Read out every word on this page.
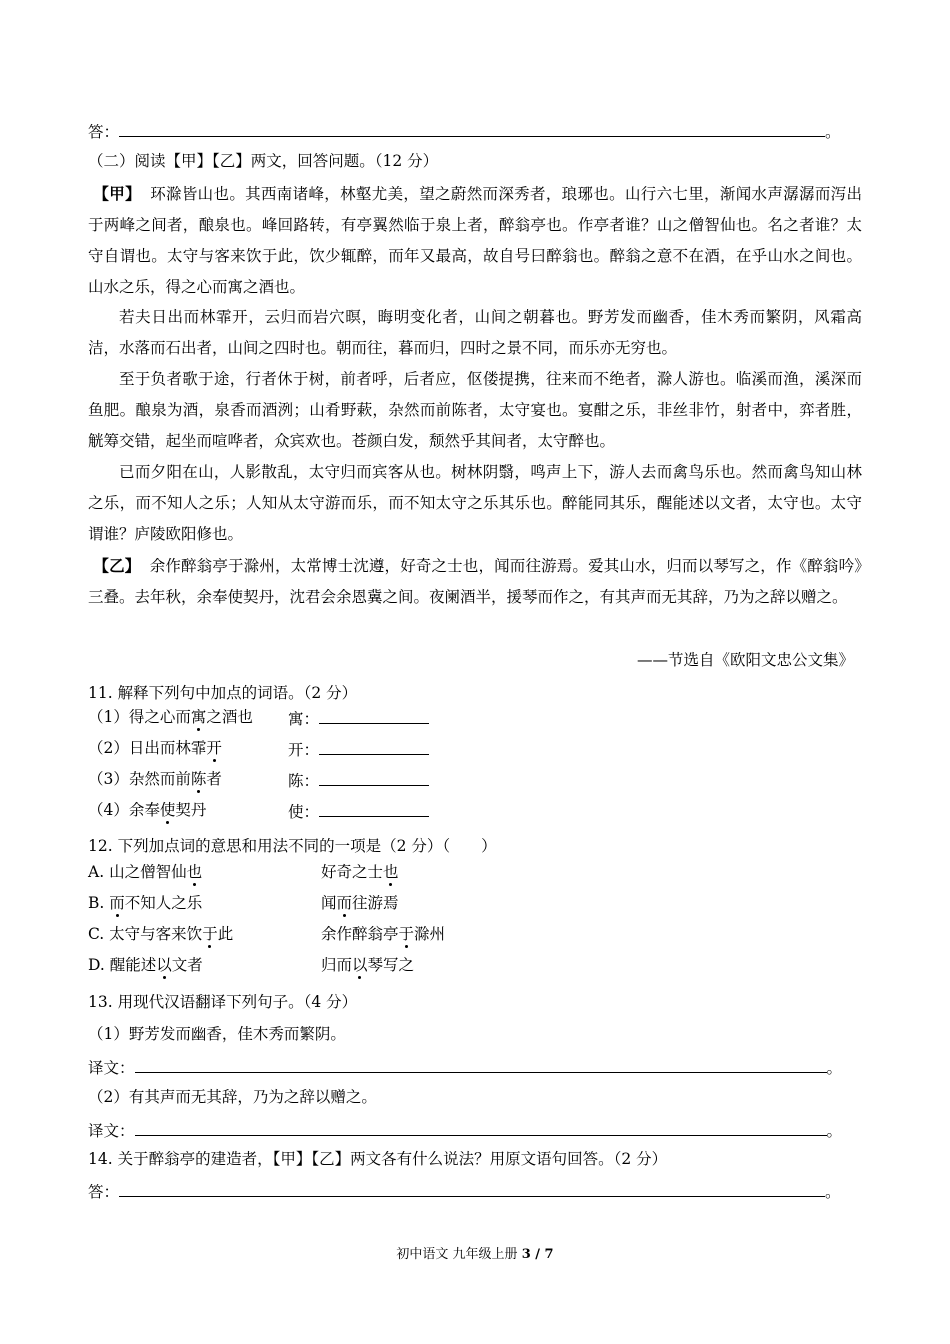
答：	。
（二）阅读【甲】【乙】两文，回答问题。（12 分）
【甲】 环滁皆山也。其西南诸峰，林壑尤美，望之蔚然而深秀者，琅琊也。山行六七里，渐闻水声潺潺而泻出于两峰之间者，酿泉也。峰回路转，有亭翼然临于泉上者，醉翁亭也。作亭者谁？山之僧智仙也。名之者谁？太守自谓也。太守与客来饮于此，饮少辄醉，而年又最高，故自号曰醉翁也。醉翁之意不在酒，在乎山水之间也。山水之乐，得之心而寓之酒也。
若夫日出而林霏开，云归而岩穴暝，晦明变化者，山间之朝暮也。野芳发而幽香，佳木秀而繁阴，风霜高洁，水落而石出者，山间之四时也。朝而往，暮而归，四时之景不同，而乐亦无穷也。
至于负者歌于途，行者休于树，前者呼，后者应，伛偻提携，往来而不绝者，滁人游也。临溪而渔，溪深而鱼肥。酿泉为酒，泉香而酒洌；山肴野蔌，杂然而前陈者，太守宴也。宴酣之乐，非丝非竹，射者中，弈者胜，觥筹交错，起坐而喧哗者，众宾欢也。苍颜白发，颓然乎其间者，太守醉也。
已而夕阳在山，人影散乱，太守归而宾客从也。树林阴翳，鸣声上下，游人去而禽鸟乐也。然而禽鸟知山林之乐，而不知人之乐；人知从太守游而乐，而不知太守之乐其乐也。醉能同其乐，醒能述以文者，太守也。太守谓谁？庐陵欧阳修也。
【乙】 余作醉翁亭于滁州，太常博士沈遵，好奇之士也，闻而往游焉。爱其山水，归而以琴写之，作《醉翁吟》三叠。去年秋，余奉使契丹，沈君会余恩冀之间。夜阑酒半，援琴而作之，有其声而无其辞，乃为之辞以赠之。
——节选自《欧阳文忠公文集》
11. 解释下列句中加点的词语。（2 分）
（1）得之心而寓之酒也 寓：
（2）日出而林霏开	开：
（3）杂然而前陈者	陈：
（4）余奉使契丹	使：
12. 下列加点词的意思和用法不同的一项是（2 分）（　　）
A. 山之僧智仙也	好奇之士也
B. 而不知人之乐	闻而往游焉
C. 太守与客来饮于此	余作醉翁亭于滁州
D. 醒能述以文者	归而以琴写之
13. 用现代汉语翻译下列句子。（4 分）
（1）野芳发而幽香，佳木秀而繁阴。
译文：	。
（2）有其声而无其辞，乃为之辞以赠之。
译文：	。
14. 关于醉翁亭的建造者，【甲】【乙】两文各有什么说法？用原文语句回答。（2 分）
答：	。
初中语文 九年级上册 3 / 7
